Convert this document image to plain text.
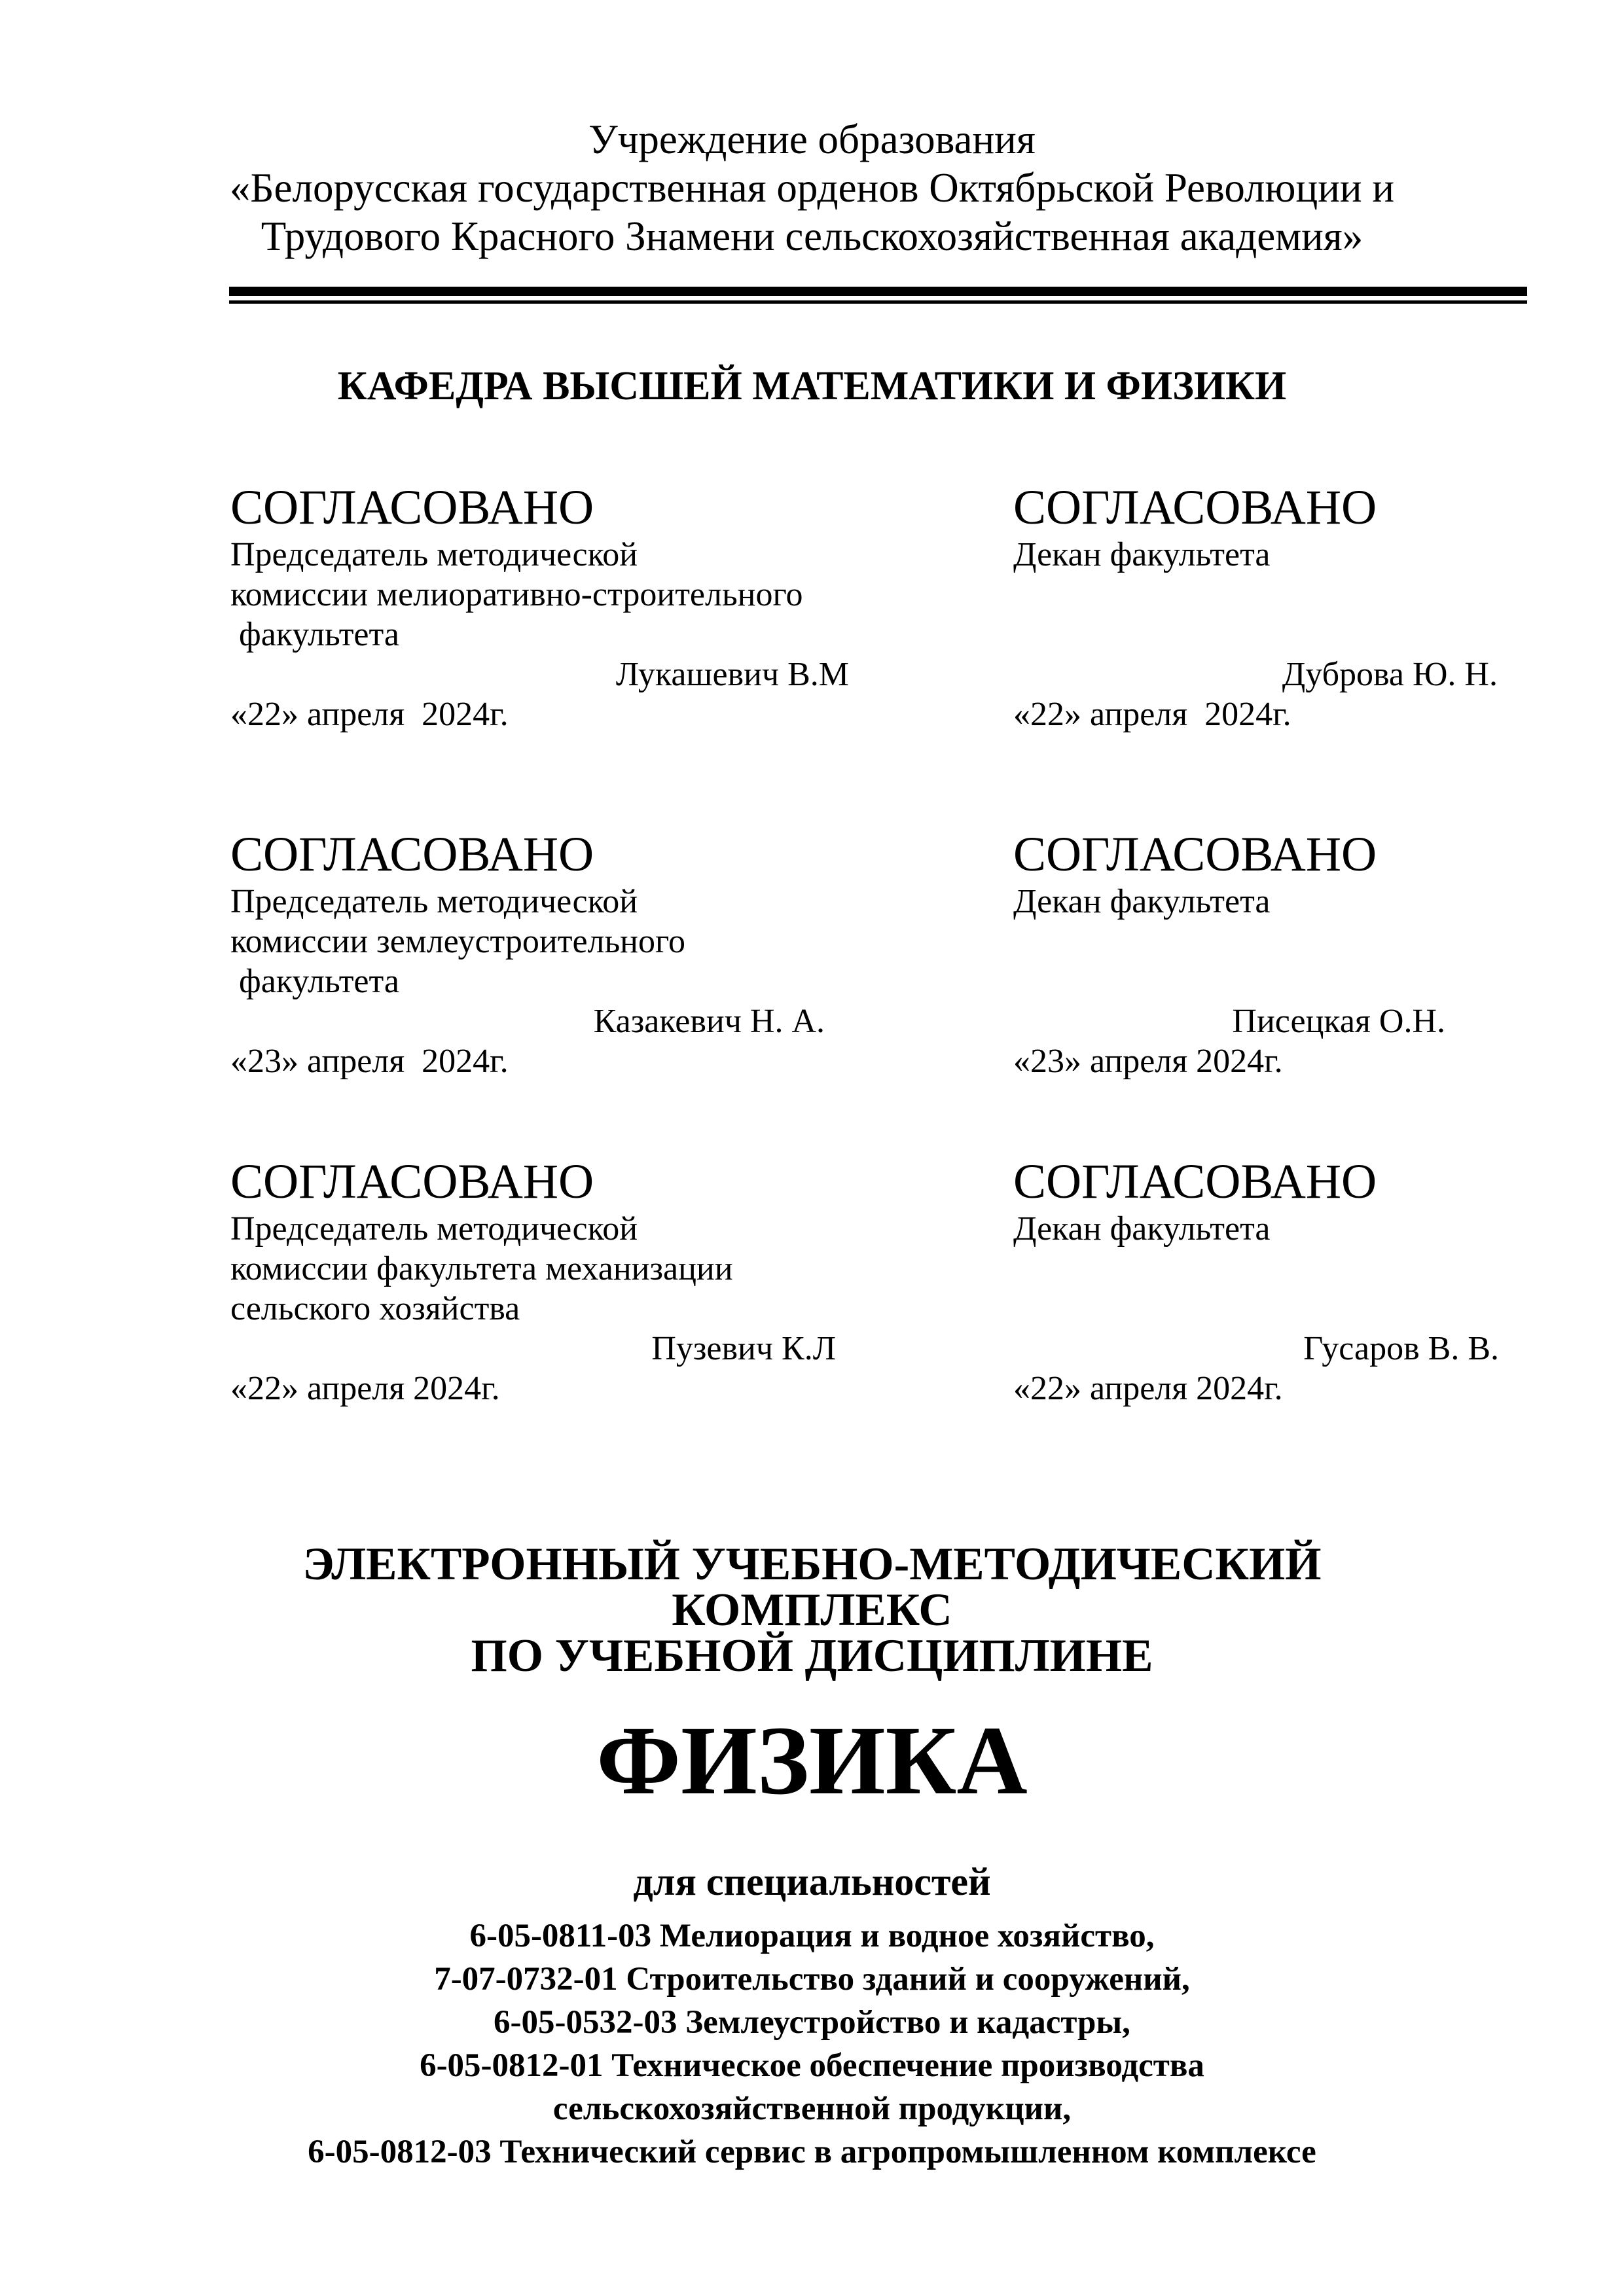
Учреждение образования
«Белорусская государственная орденов Октябрьской Революции и
Трудового Красного Знамени сельскохозяйственная академия»
КАФЕДРА ВЫСШЕЙ МАТЕМАТИКИ И ФИЗИКИ
СОГЛАСОВАНО
Председатель методической
комиссии мелиоративно-строительного
факультета
Лукашевич В.М
«22» апреля  2024г.
СОГЛАСОВАНО
Председатель методической
комиссии землеустроительного
факультета
Казакевич Н. А.
«23» апреля  2024г.
СОГЛАСОВАНО
Председатель методической
комиссии факультета механизации
сельского хозяйства
Пузевич К.Л
«22» апреля 2024г.
СОГЛАСОВАНО
Декан факультета
Дуброва Ю. Н.
«22» апреля  2024г.
СОГЛАСОВАНО
Декан факультета
Писецкая О.Н.
«23» апреля 2024г.
СОГЛАСОВАНО
Декан факультета
Гусаров В. В.
«22» апреля 2024г.
ЭЛЕКТРОННЫЙ УЧЕБНО-МЕТОДИЧЕСКИЙ
КОМПЛЕКС
ПО УЧЕБНОЙ ДИСЦИПЛИНЕ
ФИЗИКА
для специальностей
6-05-0811-03 Мелиорация и водное хозяйство,
7-07-0732-01 Строительство зданий и сооружений,
6-05-0532-03 Землеустройство и кадастры,
6-05-0812-01 Техническое обеспечение производства
сельскохозяйственной продукции,
6-05-0812-03 Технический сервис в агропромышленном комплексе
